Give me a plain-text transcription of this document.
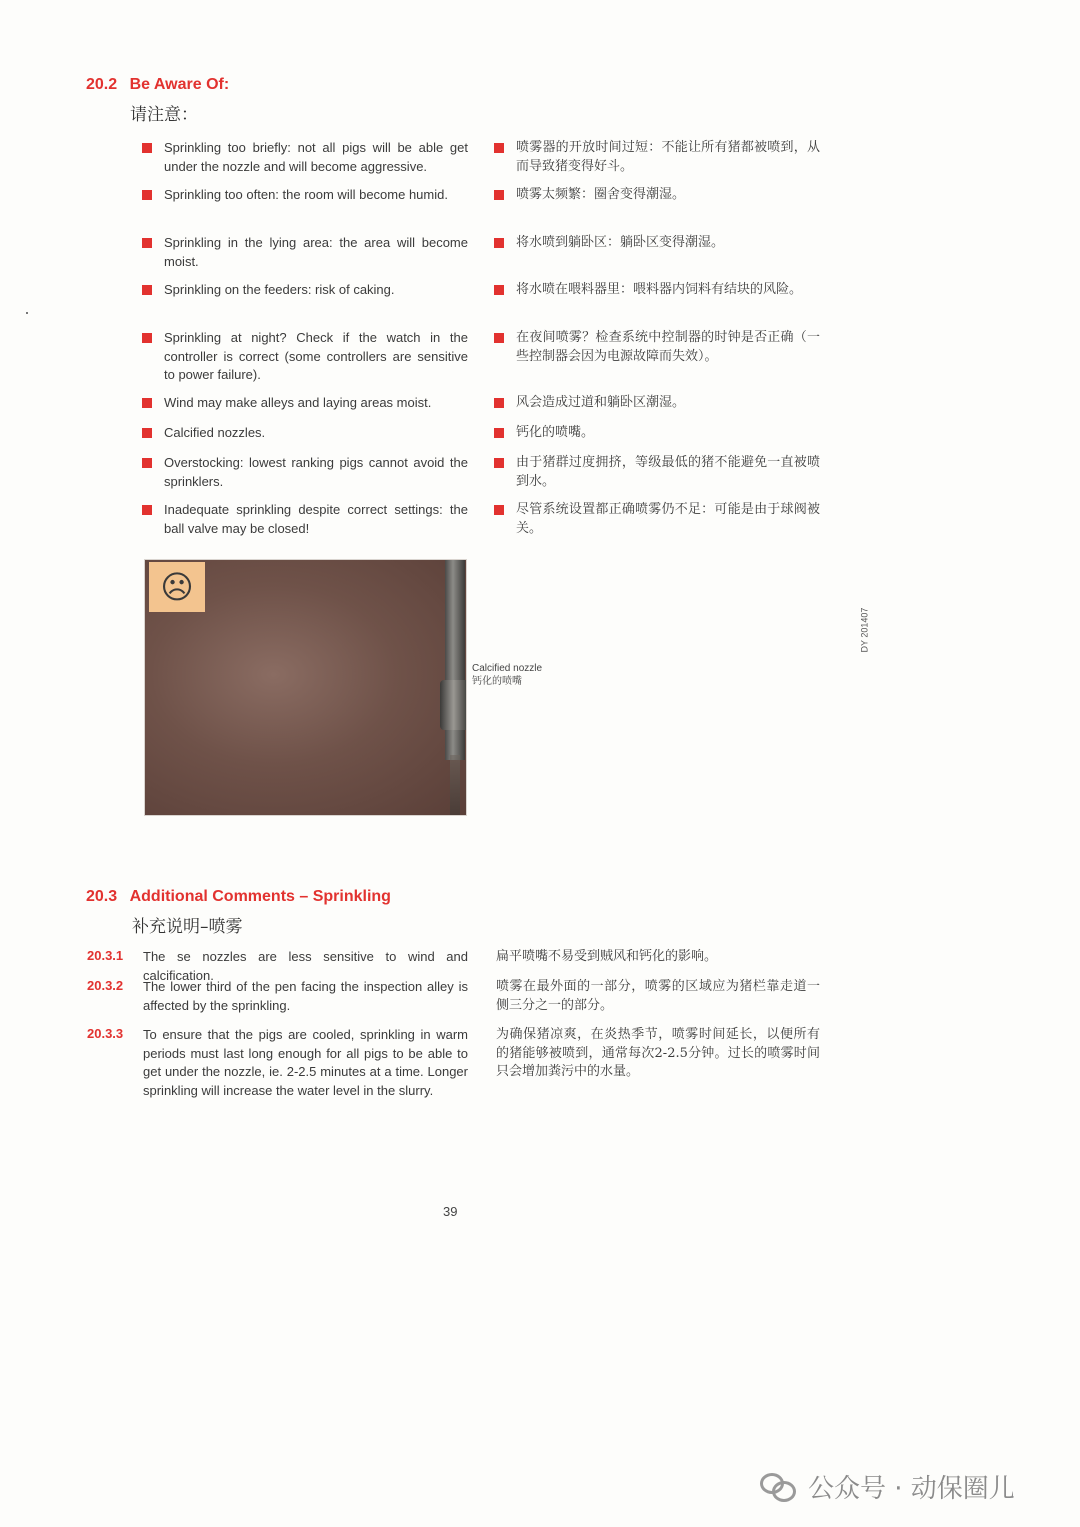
20.2 Be Aware Of:
请注意：
Sprinkling too briefly: not all pigs will be able get under the nozzle and will become aggressive.
喷雾器的开放时间过短：不能让所有猪都被喷到，从而导致猪变得好斗。
Sprinkling too often: the room will become humid.	喷雾太频繁：圈舍变得潮湿。
Sprinkling in the lying area: the area will become moist.
将水喷到躺卧区：躺卧区变得潮湿。
Sprinkling on the feeders: risk of caking.	将水喷在喂料器里：喂料器内饲料有结块的风险。
Sprinkling at night? Check if the watch in the controller is correct (some controllers are sensitive to power failure).
在夜间喷雾？检查系统中控制器的时钟是否正确（一些控制器会因为电源故障而失效）。
Wind may make alleys and laying areas moist.	风会造成过道和躺卧区潮湿。
Calcified nozzles.	钙化的喷嘴。
Overstocking: lowest ranking pigs cannot avoid the sprinklers.
由于猪群过度拥挤，等级最低的猪不能避免一直被喷到水。
Inadequate sprinkling despite correct settings: the ball valve may be closed!
尽管系统设置都正确喷雾仍不足：可能是由于球阀被关。
☹
Calcified nozzle
钙化的喷嘴
DY 201407
20.3 Additional Comments – Sprinkling
补充说明–喷雾
20.3.1 The se nozzles are less sensitive to wind and calcification.
扁平喷嘴不易受到贼风和钙化的影响。
20.3.2 The lower third of the pen facing the inspection alley is affected by the sprinkling.
喷雾在最外面的一部分，喷雾的区域应为猪栏靠走道一侧三分之一的部分。
20.3.3 To ensure that the pigs are cooled, sprinkling in warm periods must last long enough for all pigs to be able to get under the nozzle, ie. 2-2.5 minutes at a time. Longer sprinkling will increase the water level in the slurry.
为确保猪凉爽，在炎热季节，喷雾时间延长，以便所有的猪能够被喷到，通常每次2-2.5分钟。过长的喷雾时间只会增加粪污中的水量。
39
公众号 · 动保圈儿
